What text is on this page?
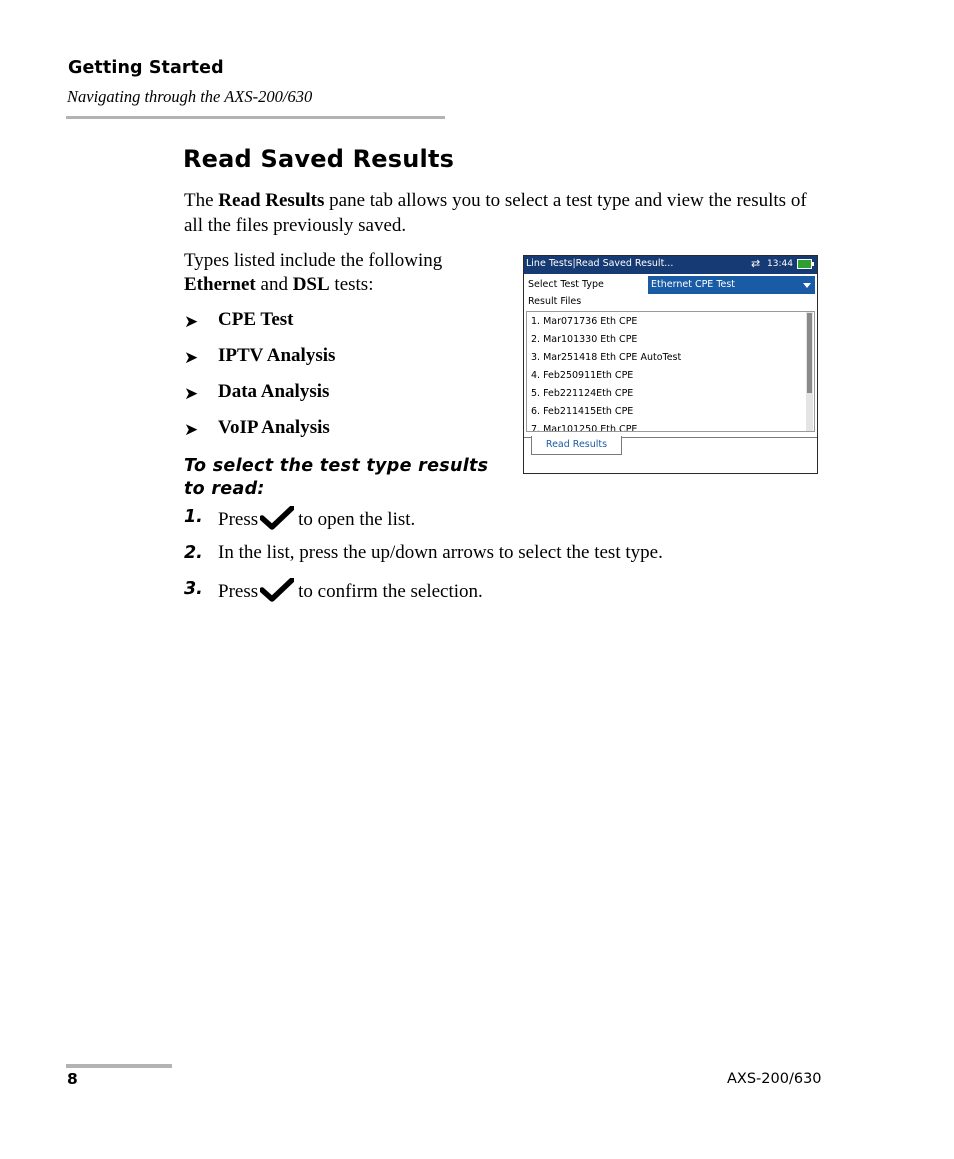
Getting Started
Navigating through the AXS-200/630
Read Saved Results
The Read Results pane tab allows you to select a test type and view the results of all the files previously saved.
Types listed include the following Ethernet and DSL tests:
➤ CPE Test
➤ IPTV Analysis
➤ Data Analysis
➤ VoIP Analysis
To select the test type results to read:
1. Press to open the list.
2. In the list, press the up/down arrows to select the test type.
3. Press to confirm the selection.
Line Tests|Read Saved Result...	⇄ 13:44
Select Test Type	Ethernet CPE Test
Result Files
1. Mar071736 Eth CPE
2. Mar101330 Eth CPE
3. Mar251418 Eth CPE AutoTest
4. Feb250911Eth CPE
5. Feb221124Eth CPE
6. Feb211415Eth CPE
7. Mar101250 Eth CPE
Read Results
8	AXS-200/630
